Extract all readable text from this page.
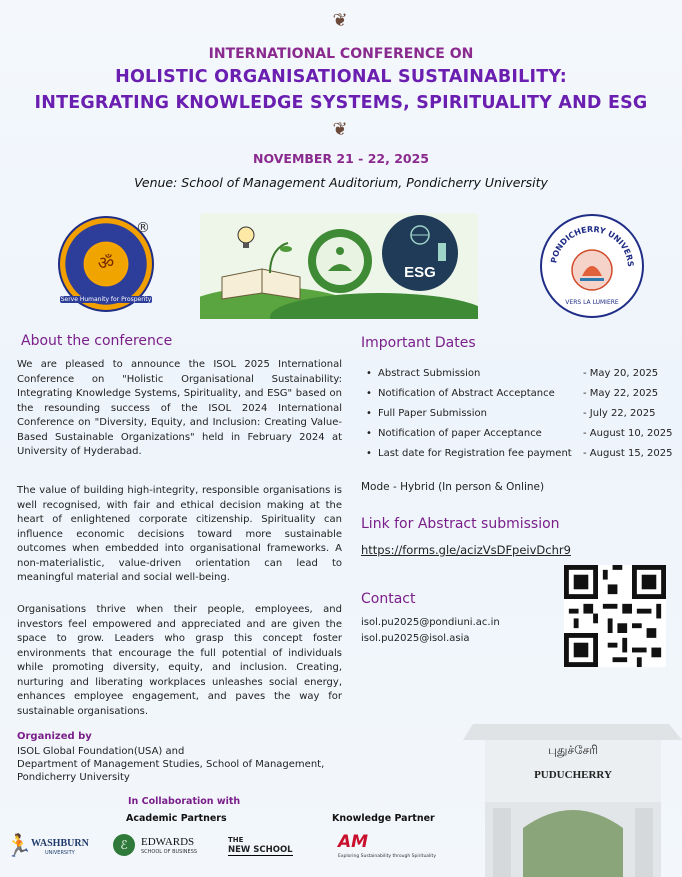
❦
INTERNATIONAL CONFERENCE ON
HOLISTIC ORGANISATIONAL SUSTAINABILITY:
INTEGRATING KNOWLEDGE SYSTEMS, SPIRITUALITY AND ESG
❦
NOVEMBER 21 - 22, 2025
Venue: School of Management Auditorium, Pondicherry University
ॐ
®
Serve Humanity for Prosperity
ESG
PONDICHERRY UNIVERS
VERS LA LUMIERE
About the conference

We are pleased to announce the ISOL 2025 International Conference on "Holistic Organisational Sustainability: Integrating Knowledge Systems, Spirituality, and ESG" based on the resounding success of the ISOL 2024 International Conference on "Diversity, Equity, and Inclusion: Creating Value-Based Sustainable Organizations" held in February 2024 at University of Hyderabad.

The value of building high-integrity, responsible organisations is well recognised, with fair and ethical decision making at the heart of enlightened corporate citizenship. Spirituality can influence economic decisions toward more sustainable outcomes when embedded into organisational frameworks. A non-materialistic, value-driven orientation can lead to meaningful material and social well-being.

Organisations thrive when their people, employees, and investors feel empowered and appreciated and are given the space to grow. Leaders who grasp this concept foster environments that encourage the full potential of individuals while promoting diversity, equity, and inclusion. Creating, nurturing and liberating workplaces unleashes social energy, enhances employee engagement, and paves the way for sustainable organisations.

Organized by
ISOL Global Foundation(USA) and
Department of Management Studies, School of Management,
Pondicherry University
In Collaboration with
Academic Partners	Knowledge Partner
🏃
WASHBURN
UNIVERSITY
ℰ	EDWARDS
SCHOOL OF BUSINESS
THE
NEW SCHOOL	AM
Exploring Sustainability through Spirituality
Important Dates
• Abstract Submission	- May 20, 2025
• Notification of Abstract Acceptance	- May 22, 2025
• Full Paper Submission	- July 22, 2025
• Notification of paper Acceptance	- August 10, 2025
• Last date for Registration fee payment - August 15, 2025
Mode - Hybrid (In person & Online)
Link for Abstract submission
https://forms.gle/acizVsDFpeivDchr9
Contact
isol.pu2025@pondiuni.ac.in
isol.pu2025@isol.asia
புதுச்சேரி
PUDUCHERRY
